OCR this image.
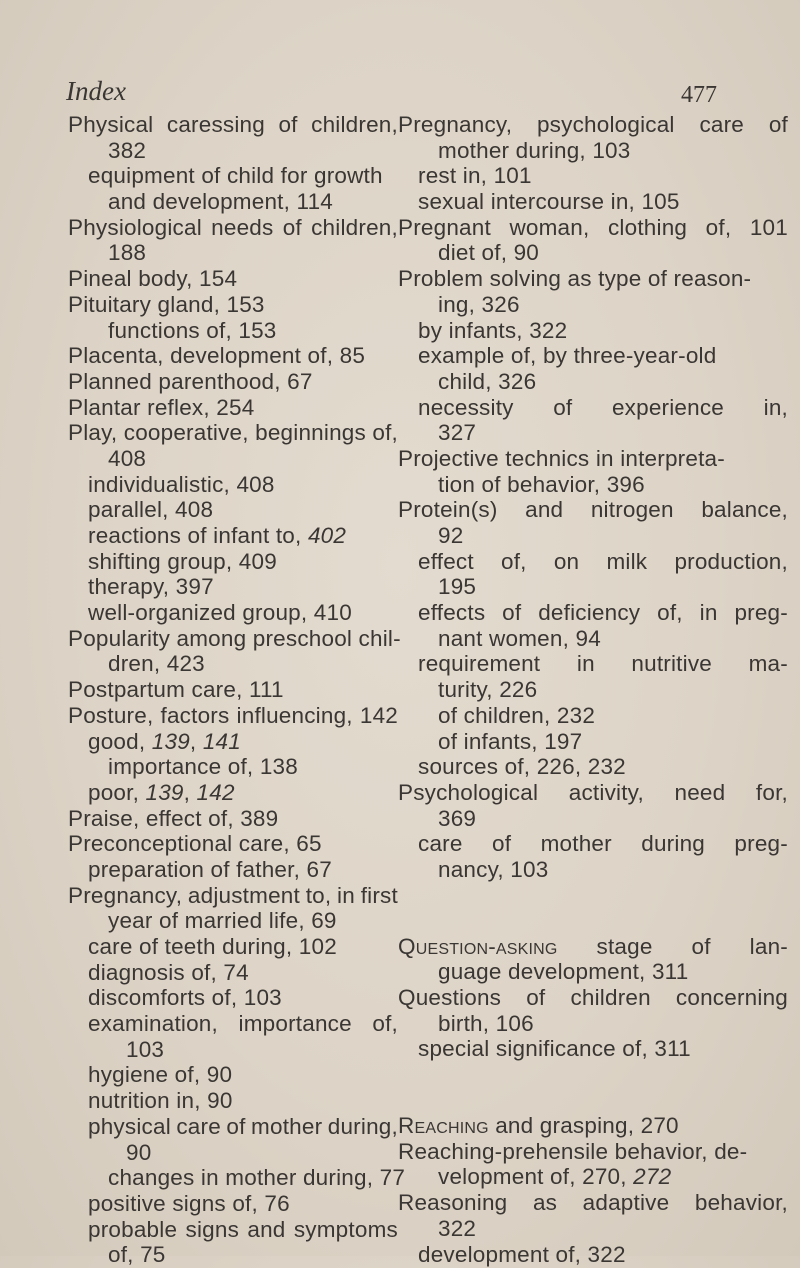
Index	477
Physical caressing of children,
382
equipment of child for growth
and development, 114
Physiological needs of children,
188
Pineal body, 154
Pituitary gland, 153
functions of, 153
Placenta, development of, 85
Planned parenthood, 67
Plantar reflex, 254
Play, cooperative, beginnings of,
408
individualistic, 408
parallel, 408
reactions of infant to, 402
shifting group, 409
therapy, 397
well-organized group, 410
Popularity among preschool chil-
dren, 423
Postpartum care, 111
Posture, factors influencing, 142
good, 139, 141
importance of, 138
poor, 139, 142
Praise, effect of, 389
Preconceptional care, 65
preparation of father, 67
Pregnancy, adjustment to, in first
year of married life, 69
care of teeth during, 102
diagnosis of, 74
discomforts of, 103
examination, importance of,
103
hygiene of, 90
nutrition in, 90
physical care of mother during,
90
changes in mother during, 77
positive signs of, 76
probable signs and symptoms
of, 75
Pregnancy, psychological care of
mother during, 103
rest in, 101
sexual intercourse in, 105
Pregnant woman, clothing of, 101
diet of, 90
Problem solving as type of reason-
ing, 326
by infants, 322
example of, by three-year-old
child, 326
necessity of experience in,
327
Projective technics in interpreta-
tion of behavior, 396
Protein(s) and nitrogen balance,
92
effect of, on milk production,
195
effects of deficiency of, in preg-
nant women, 94
requirement in nutritive ma-
turity, 226
of children, 232
of infants, 197
sources of, 226, 232
Psychological activity, need for,
369
care of mother during preg-
nancy, 103
Question-asking stage of lan-
guage development, 311
Questions of children concerning
birth, 106
special significance of, 311
Reaching and grasping, 270
Reaching-prehensile behavior, de-
velopment of, 270, 272
Reasoning as adaptive behavior,
322
development of, 322
